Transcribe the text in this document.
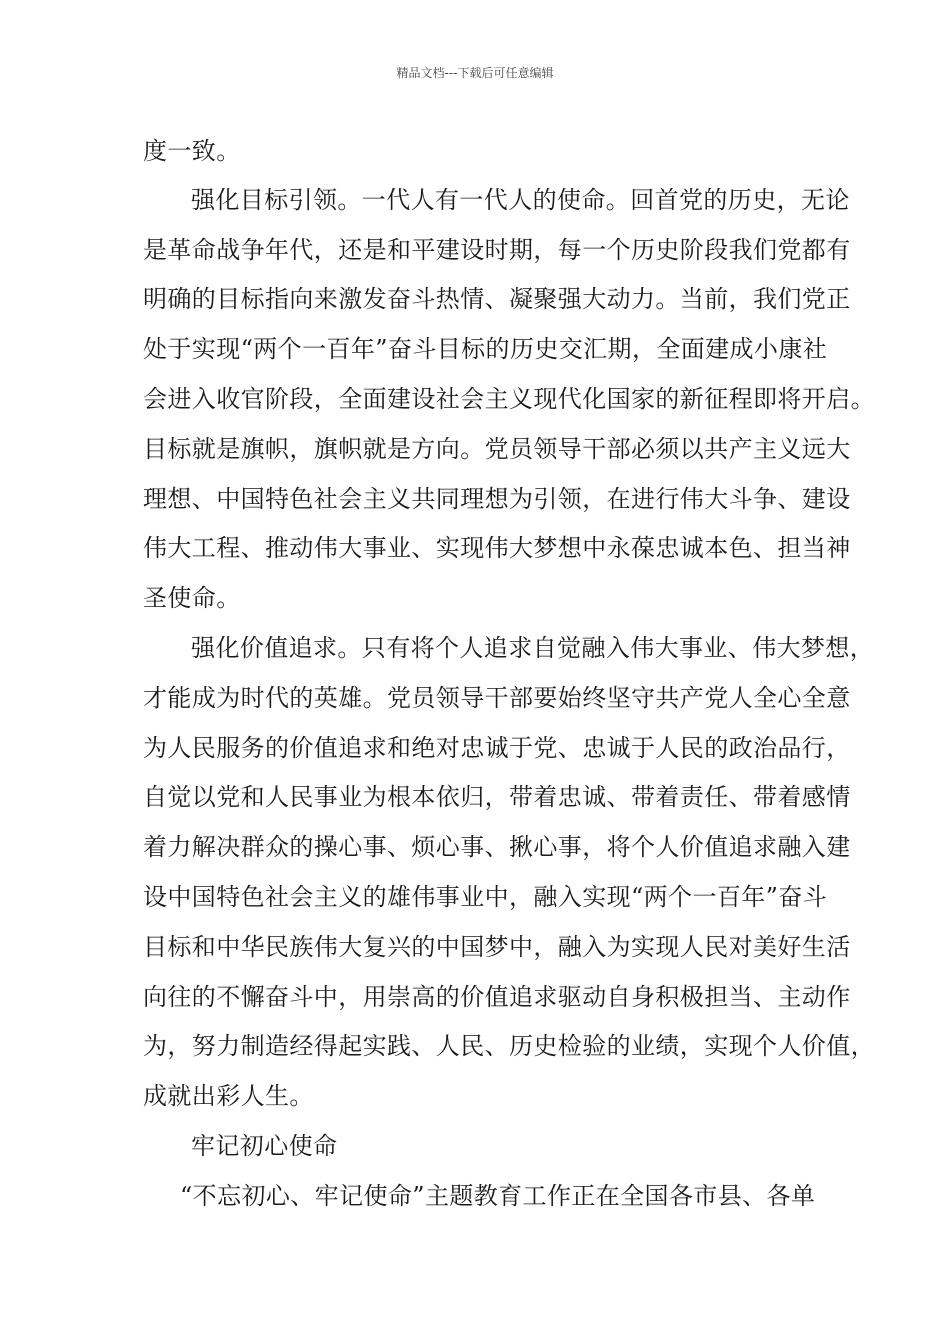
精品文档---下载后可任意编辑
度一致。
强化目标引领。一代人有一代人的使命。回首党的历史，无论
是革命战争年代，还是和平建设时期，每一个历史阶段我们党都有
明确的目标指向来激发奋斗热情、凝聚强大动力。当前，我们党正
处于实现“两个一百年”奋斗目标的历史交汇期，全面建成小康社
会进入收官阶段，全面建设社会主义现代化国家的新征程即将开启。
目标就是旗帜，旗帜就是方向。党员领导干部必须以共产主义远大
理想、中国特色社会主义共同理想为引领，在进行伟大斗争、建设
伟大工程、推动伟大事业、实现伟大梦想中永葆忠诚本色、担当神
圣使命。
强化价值追求。只有将个人追求自觉融入伟大事业、伟大梦想，
才能成为时代的英雄。党员领导干部要始终坚守共产党人全心全意
为人民服务的价值追求和绝对忠诚于党、忠诚于人民的政治品行，
自觉以党和人民事业为根本依归，带着忠诚、带着责任、带着感情
着力解决群众的操心事、烦心事、揪心事，将个人价值追求融入建
设中国特色社会主义的雄伟事业中，融入实现“两个一百年”奋斗
目标和中华民族伟大复兴的中国梦中，融入为实现人民对美好生活
向往的不懈奋斗中，用崇高的价值追求驱动自身积极担当、主动作
为，努力制造经得起实践、人民、历史检验的业绩，实现个人价值，
成就出彩人生。
牢记初心使命
“不忘初心、牢记使命”主题教育工作正在全国各市县、各单
